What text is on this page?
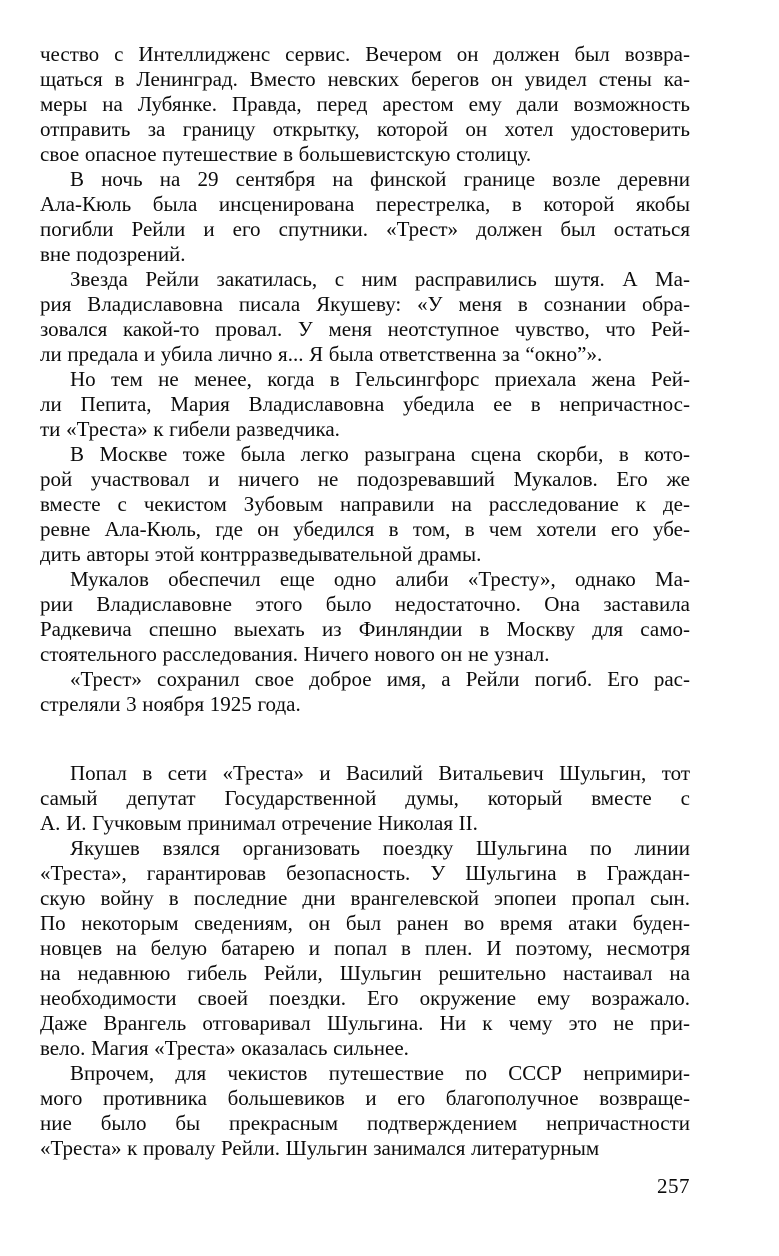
чество с Интеллидженс сервис. Вечером он должен был возвра-
щаться в Ленинград. Вместо невских берегов он увидел стены ка-
меры на Лубянке. Правда, перед арестом ему дали возможность
отправить за границу открытку, которой он хотел удостоверить
свое опасное путешествие в большевистскую столицу.

В ночь на 29 сентября на финской границе возле деревни
Ала-Кюль была инсценирована перестрелка, в которой якобы
погибли Рейли и его спутники. «Трест» должен был остаться
вне подозрений.

Звезда Рейли закатилась, с ним расправились шутя. А Ма-
рия Владиславовна писала Якушеву: «У меня в сознании обра-
зовался какой-то провал. У меня неотступное чувство, что Рей-
ли предала и убила лично я... Я была ответственна за “окно”».

Но тем не менее, когда в Гельсингфорс приехала жена Рей-
ли Пепита, Мария Владиславовна убедила ее в непричастнос-
ти «Треста» к гибели разведчика.

В Москве тоже была легко разыграна сцена скорби, в кото-
рой участвовал и ничего не подозревавший Мукалов. Его же
вместе с чекистом Зубовым направили на расследование к де-
ревне Ала-Кюль, где он убедился в том, в чем хотели его убе-
дить авторы этой контрразведывательной драмы.

Мукалов обеспечил еще одно алиби «Тресту», однако Ма-
рии Владиславовне этого было недостаточно. Она заставила
Радкевича спешно выехать из Финляндии в Москву для само-
стоятельного расследования. Ничего нового он не узнал.

«Трест» сохранил свое доброе имя, а Рейли погиб. Его рас-
стреляли 3 ноября 1925 года.

Попал в сети «Треста» и Василий Витальевич Шульгин, тот
самый депутат Государственной думы, который вместе с
А. И. Гучковым принимал отречение Николая II.

Якушев взялся организовать поездку Шульгина по линии
«Треста», гарантировав безопасность. У Шульгина в Граждан-
скую войну в последние дни врангелевской эпопеи пропал сын.
По некоторым сведениям, он был ранен во время атаки буден-
новцев на белую батарею и попал в плен. И поэтому, несмотря
на недавнюю гибель Рейли, Шульгин решительно настаивал на
необходимости своей поездки. Его окружение ему возражало.
Даже Врангель отговаривал Шульгина. Ни к чему это не при-
вело. Магия «Треста» оказалась сильнее.

Впрочем, для чекистов путешествие по СССР непримири-
мого противника большевиков и его благополучное возвраще-
ние было бы прекрасным подтверждением непричастности
«Треста» к провалу Рейли. Шульгин занимался литературным

257
